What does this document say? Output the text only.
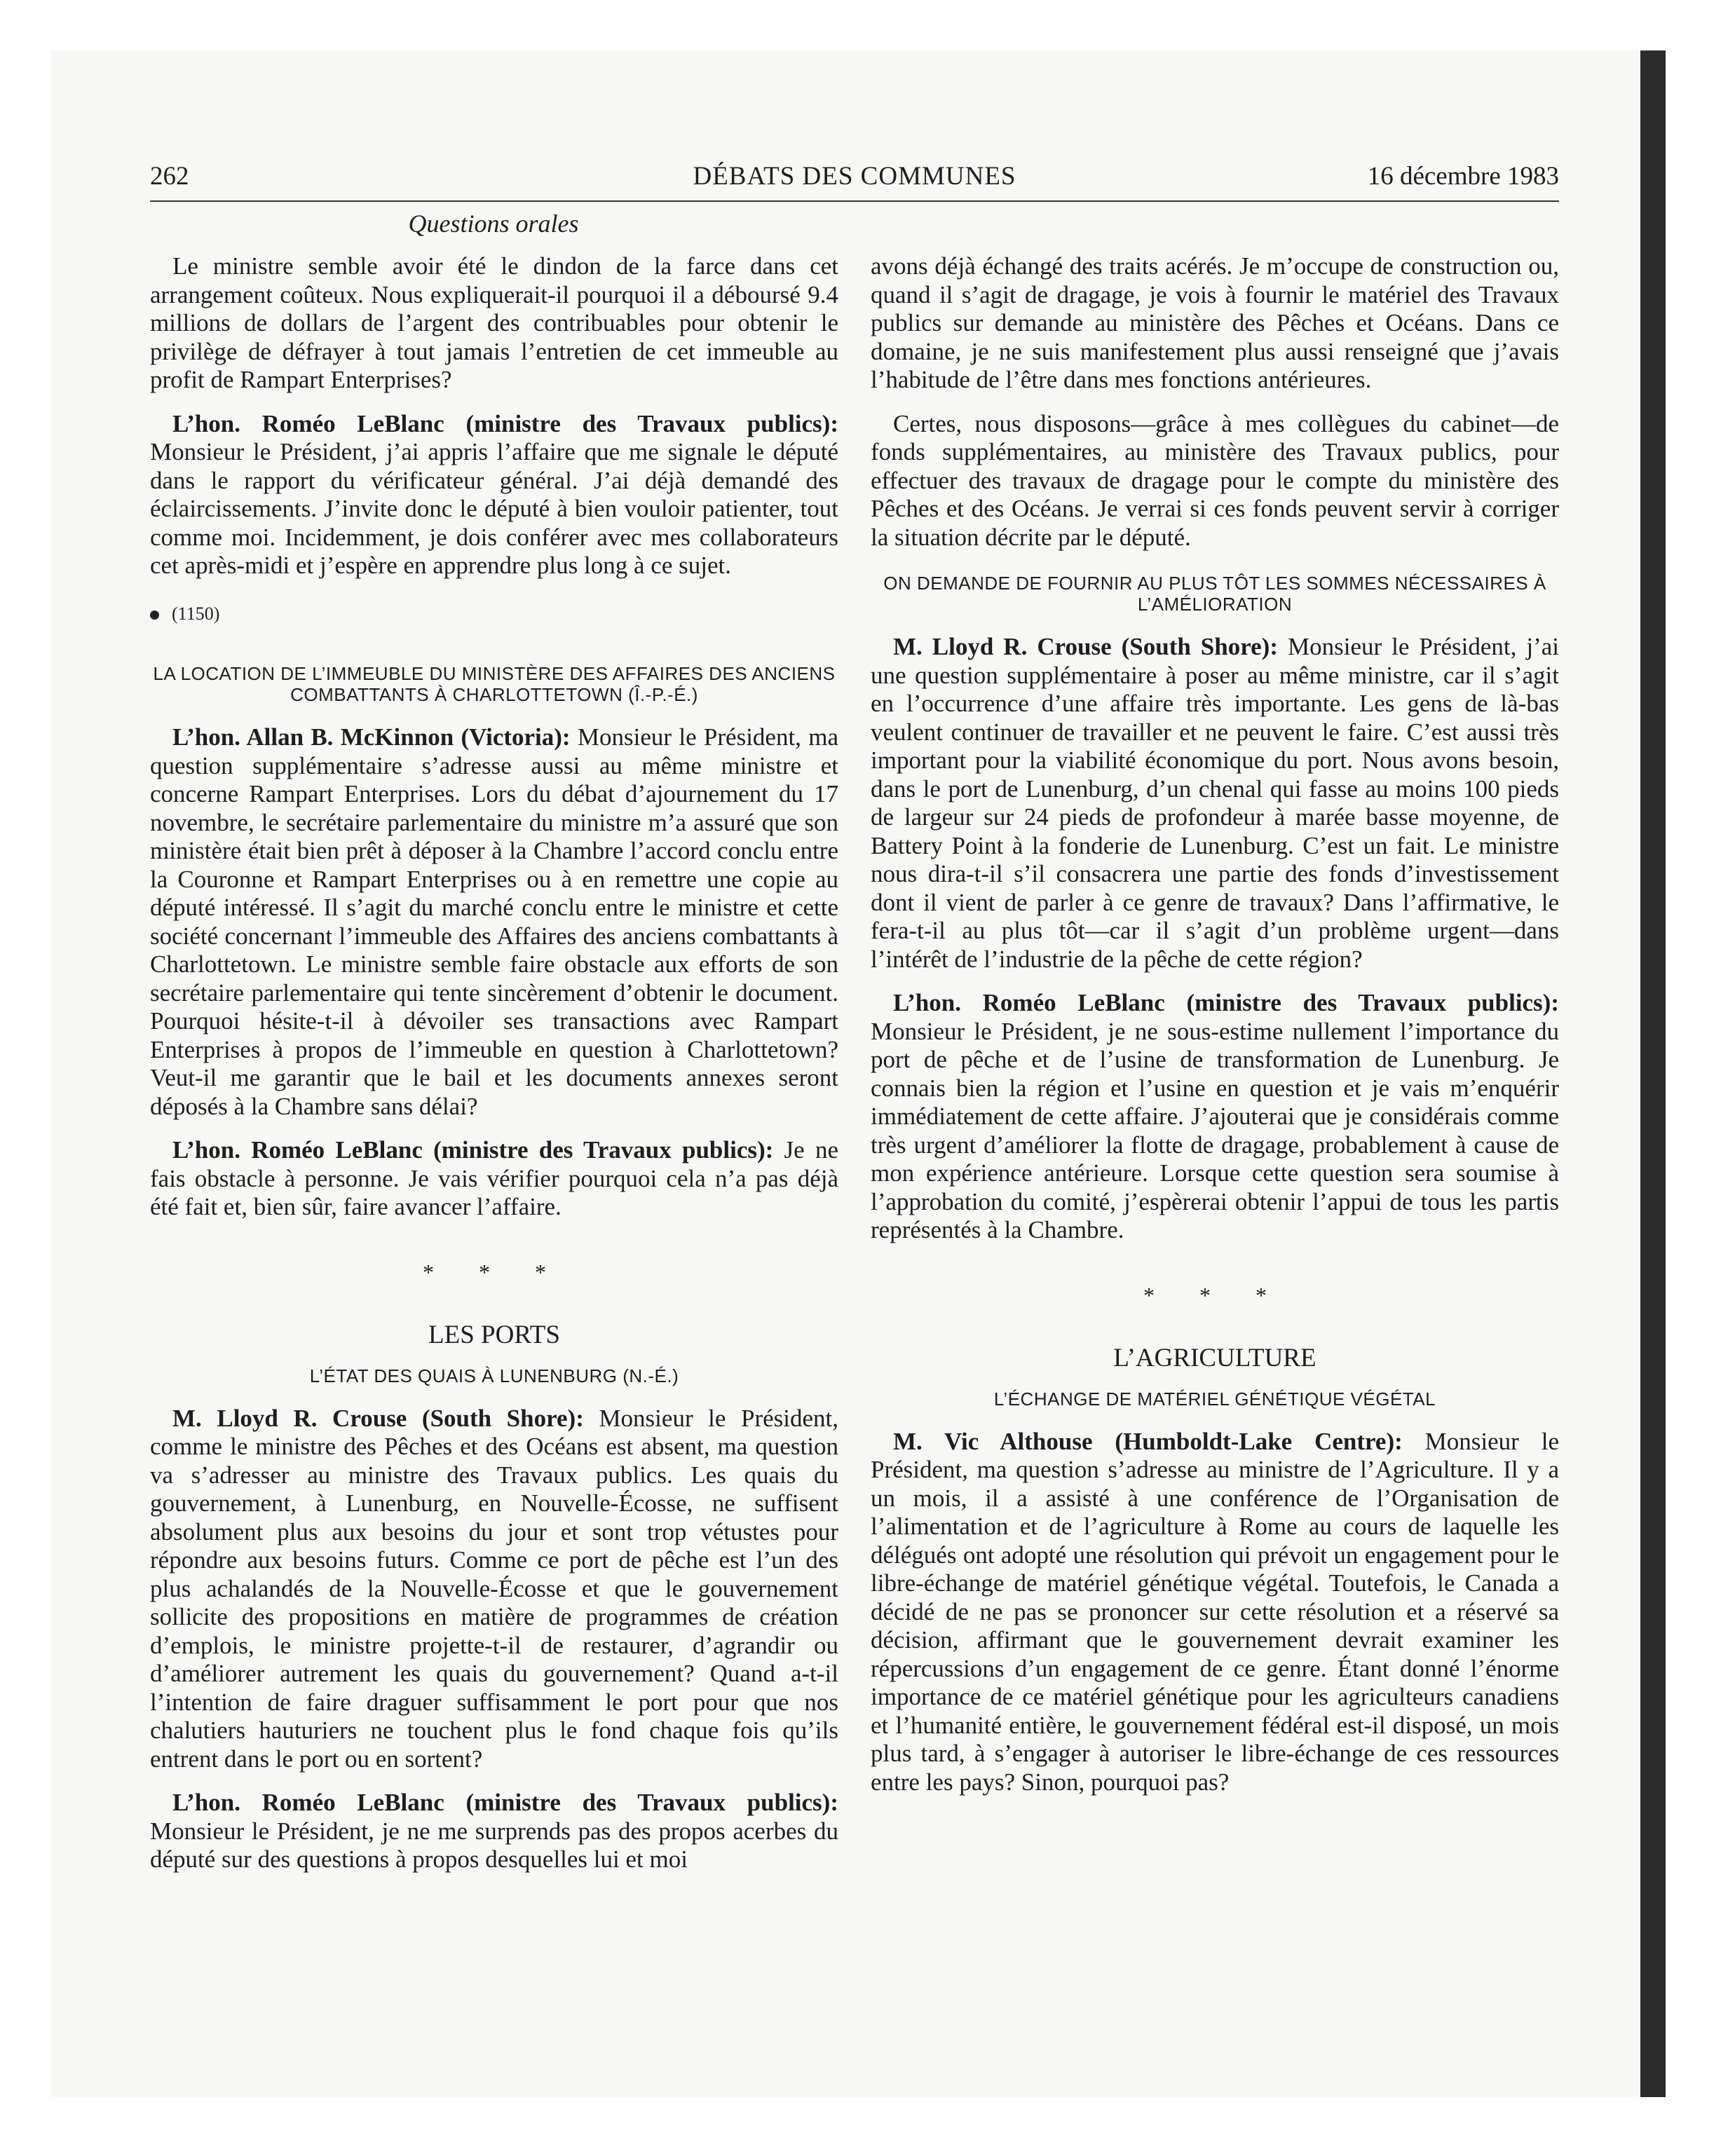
262	DÉBATS DES COMMUNES	16 décembre 1983
Questions orales

Le ministre semble avoir été le dindon de la farce dans cet arrangement coûteux. Nous expliquerait-il pourquoi il a déboursé 9.4 millions de dollars de l’argent des contribuables pour obtenir le privilège de défrayer à tout jamais l’entretien de cet immeuble au profit de Rampart Enterprises?

L’hon. Roméo LeBlanc (ministre des Travaux publics): Monsieur le Président, j’ai appris l’affaire que me signale le député dans le rapport du vérificateur général. J’ai déjà demandé des éclaircissements. J’invite donc le député à bien vouloir patienter, tout comme moi. Incidemment, je dois conférer avec mes collaborateurs cet après-midi et j’espère en apprendre plus long à ce sujet.

(1150)
LA LOCATION DE L’IMMEUBLE DU MINISTÈRE DES AFFAIRES DES ANCIENS COMBATTANTS À CHARLOTTETOWN (Î.-P.-É.)

L’hon. Allan B. McKinnon (Victoria): Monsieur le Président, ma question supplémentaire s’adresse aussi au même ministre et concerne Rampart Enterprises. Lors du débat d’ajournement du 17 novembre, le secrétaire parlementaire du ministre m’a assuré que son ministère était bien prêt à déposer à la Chambre l’accord conclu entre la Couronne et Rampart Enterprises ou à en remettre une copie au député intéressé. Il s’agit du marché conclu entre le ministre et cette société concernant l’immeuble des Affaires des anciens combattants à Charlottetown. Le ministre semble faire obstacle aux efforts de son secrétaire parlementaire qui tente sincèrement d’obtenir le document. Pourquoi hésite-t-il à dévoiler ses transactions avec Rampart Enterprises à propos de l’immeuble en question à Charlottetown? Veut-il me garantir que le bail et les documents annexes seront déposés à la Chambre sans délai?

L’hon. Roméo LeBlanc (ministre des Travaux publics): Je ne fais obstacle à personne. Je vais vérifier pourquoi cela n’a pas déjà été fait et, bien sûr, faire avancer l’affaire.

* * *
LES PORTS
L’ÉTAT DES QUAIS À LUNENBURG (N.-É.)

M. Lloyd R. Crouse (South Shore): Monsieur le Président, comme le ministre des Pêches et des Océans est absent, ma question va s’adresser au ministre des Travaux publics. Les quais du gouvernement, à Lunenburg, en Nouvelle-Écosse, ne suffisent absolument plus aux besoins du jour et sont trop vétustes pour répondre aux besoins futurs. Comme ce port de pêche est l’un des plus achalandés de la Nouvelle-Écosse et que le gouvernement sollicite des propositions en matière de programmes de création d’emplois, le ministre projette-t-il de restaurer, d’agrandir ou d’améliorer autrement les quais du gouvernement? Quand a-t-il l’intention de faire draguer suffisamment le port pour que nos chalutiers hauturiers ne touchent plus le fond chaque fois qu’ils entrent dans le port ou en sortent?

L’hon. Roméo LeBlanc (ministre des Travaux publics): Monsieur le Président, je ne me surprends pas des propos acerbes du député sur des questions à propos desquelles lui et moi

avons déjà échangé des traits acérés. Je m’occupe de construction ou, quand il s’agit de dragage, je vois à fournir le matériel des Travaux publics sur demande au ministère des Pêches et Océans. Dans ce domaine, je ne suis manifestement plus aussi renseigné que j’avais l’habitude de l’être dans mes fonctions antérieures.

Certes, nous disposons—grâce à mes collègues du cabinet—de fonds supplémentaires, au ministère des Travaux publics, pour effectuer des travaux de dragage pour le compte du ministère des Pêches et des Océans. Je verrai si ces fonds peuvent servir à corriger la situation décrite par le député.

ON DEMANDE DE FOURNIR AU PLUS TÔT LES SOMMES NÉCESSAIRES À L’AMÉLIORATION

M. Lloyd R. Crouse (South Shore): Monsieur le Président, j’ai une question supplémentaire à poser au même ministre, car il s’agit en l’occurrence d’une affaire très importante. Les gens de là-bas veulent continuer de travailler et ne peuvent le faire. C’est aussi très important pour la viabilité économique du port. Nous avons besoin, dans le port de Lunenburg, d’un chenal qui fasse au moins 100 pieds de largeur sur 24 pieds de profondeur à marée basse moyenne, de Battery Point à la fonderie de Lunenburg. C’est un fait. Le ministre nous dira-t-il s’il consacrera une partie des fonds d’investissement dont il vient de parler à ce genre de travaux? Dans l’affirmative, le fera-t-il au plus tôt—car il s’agit d’un problème urgent—dans l’intérêt de l’industrie de la pêche de cette région?

L’hon. Roméo LeBlanc (ministre des Travaux publics): Monsieur le Président, je ne sous-estime nullement l’importance du port de pêche et de l’usine de transformation de Lunenburg. Je connais bien la région et l’usine en question et je vais m’enquérir immédiatement de cette affaire. J’ajouterai que je considérais comme très urgent d’améliorer la flotte de dragage, probablement à cause de mon expérience antérieure. Lorsque cette question sera soumise à l’approbation du comité, j’espèrerai obtenir l’appui de tous les partis représentés à la Chambre.

* * *
L’AGRICULTURE
L’ÉCHANGE DE MATÉRIEL GÉNÉTIQUE VÉGÉTAL

M. Vic Althouse (Humboldt-Lake Centre): Monsieur le Président, ma question s’adresse au ministre de l’Agriculture. Il y a un mois, il a assisté à une conférence de l’Organisation de l’alimentation et de l’agriculture à Rome au cours de laquelle les délégués ont adopté une résolution qui prévoit un engagement pour le libre-échange de matériel génétique végétal. Toutefois, le Canada a décidé de ne pas se prononcer sur cette résolution et a réservé sa décision, affirmant que le gouvernement devrait examiner les répercussions d’un engagement de ce genre. Étant donné l’énorme importance de ce matériel génétique pour les agriculteurs canadiens et l’humanité entière, le gouvernement fédéral est-il disposé, un mois plus tard, à s’engager à autoriser le libre-échange de ces ressources entre les pays? Sinon, pourquoi pas?
